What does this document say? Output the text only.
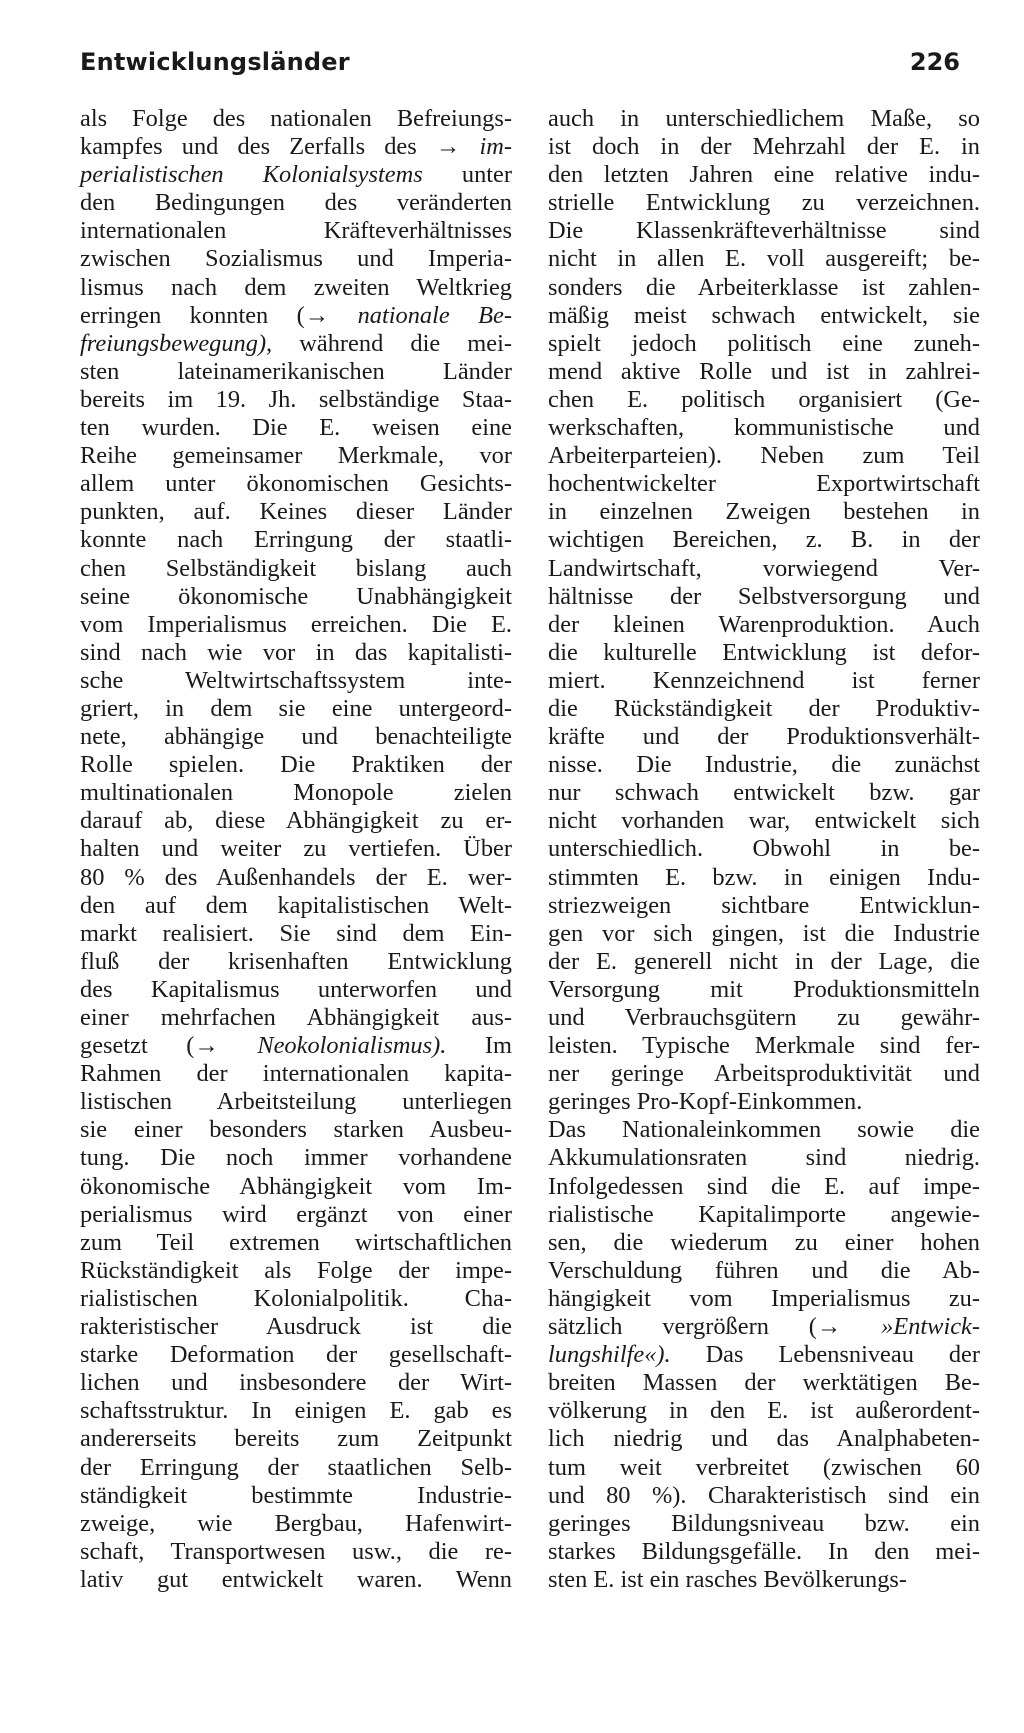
Entwicklungsländer	226
als Folge des nationalen Befreiungs-
kampfes und des Zerfalls des → im-
perialistischen Kolonialsystems unter
den Bedingungen des veränderten
internationalen Kräfteverhältnisses
zwischen Sozialismus und Imperia-
lismus nach dem zweiten Weltkrieg
erringen konnten (→ nationale Be-
freiungsbewegung), während die mei-
sten lateinamerikanischen Länder
bereits im 19. Jh. selbständige Staa-
ten wurden. Die E. weisen eine
Reihe gemeinsamer Merkmale, vor
allem unter ökonomischen Gesichts-
punkten, auf. Keines dieser Länder
konnte nach Erringung der staatli-
chen Selbständigkeit bislang auch
seine ökonomische Unabhängigkeit
vom Imperialismus erreichen. Die E.
sind nach wie vor in das kapitalisti-
sche Weltwirtschaftssystem inte-
griert, in dem sie eine untergeord-
nete, abhängige und benachteiligte
Rolle spielen. Die Praktiken der
multinationalen Monopole zielen
darauf ab, diese Abhängigkeit zu er-
halten und weiter zu vertiefen. Über
80 % des Außenhandels der E. wer-
den auf dem kapitalistischen Welt-
markt realisiert. Sie sind dem Ein-
fluß der krisenhaften Entwicklung
des Kapitalismus unterworfen und
einer mehrfachen Abhängigkeit aus-
gesetzt (→ Neokolonialismus). Im
Rahmen der internationalen kapita-
listischen Arbeitsteilung unterliegen
sie einer besonders starken Ausbeu-
tung. Die noch immer vorhandene
ökonomische Abhängigkeit vom Im-
perialismus wird ergänzt von einer
zum Teil extremen wirtschaftlichen
Rückständigkeit als Folge der impe-
rialistischen Kolonialpolitik. Cha-
rakteristischer Ausdruck ist die
starke Deformation der gesellschaft-
lichen und insbesondere der Wirt-
schaftsstruktur. In einigen E. gab es
andererseits bereits zum Zeitpunkt
der Erringung der staatlichen Selb-
ständigkeit bestimmte Industrie-
zweige, wie Bergbau, Hafenwirt-
schaft, Transportwesen usw., die re-
lativ gut entwickelt waren. Wenn
auch in unterschiedlichem Maße, so
ist doch in der Mehrzahl der E. in
den letzten Jahren eine relative indu-
strielle Entwicklung zu verzeichnen.
Die Klassenkräfteverhältnisse sind
nicht in allen E. voll ausgereift; be-
sonders die Arbeiterklasse ist zahlen-
mäßig meist schwach entwickelt, sie
spielt jedoch politisch eine zuneh-
mend aktive Rolle und ist in zahlrei-
chen E. politisch organisiert (Ge-
werkschaften, kommunistische und
Arbeiterparteien). Neben zum Teil
hochentwickelter Exportwirtschaft
in einzelnen Zweigen bestehen in
wichtigen Bereichen, z. B. in der
Landwirtschaft, vorwiegend Ver-
hältnisse der Selbstversorgung und
der kleinen Warenproduktion. Auch
die kulturelle Entwicklung ist defor-
miert. Kennzeichnend ist ferner
die Rückständigkeit der Produktiv-
kräfte und der Produktionsverhält-
nisse. Die Industrie, die zunächst
nur schwach entwickelt bzw. gar
nicht vorhanden war, entwickelt sich
unterschiedlich. Obwohl in be-
stimmten E. bzw. in einigen Indu-
striezweigen sichtbare Entwicklun-
gen vor sich gingen, ist die Industrie
der E. generell nicht in der Lage, die
Versorgung mit Produktionsmitteln
und Verbrauchsgütern zu gewähr-
leisten. Typische Merkmale sind fer-
ner geringe Arbeitsproduktivität und
geringes Pro-Kopf-Einkommen.
Das Nationaleinkommen sowie die
Akkumulationsraten sind niedrig.
Infolgedessen sind die E. auf impe-
rialistische Kapitalimporte angewie-
sen, die wiederum zu einer hohen
Verschuldung führen und die Ab-
hängigkeit vom Imperialismus zu-
sätzlich vergrößern (→ »Entwick-
lungshilfe«). Das Lebensniveau der
breiten Massen der werktätigen Be-
völkerung in den E. ist außerordent-
lich niedrig und das Analphabeten-
tum weit verbreitet (zwischen 60
und 80 %). Charakteristisch sind ein
geringes Bildungsniveau bzw. ein
starkes Bildungsgefälle. In den mei-
sten E. ist ein rasches Bevölkerungs-
